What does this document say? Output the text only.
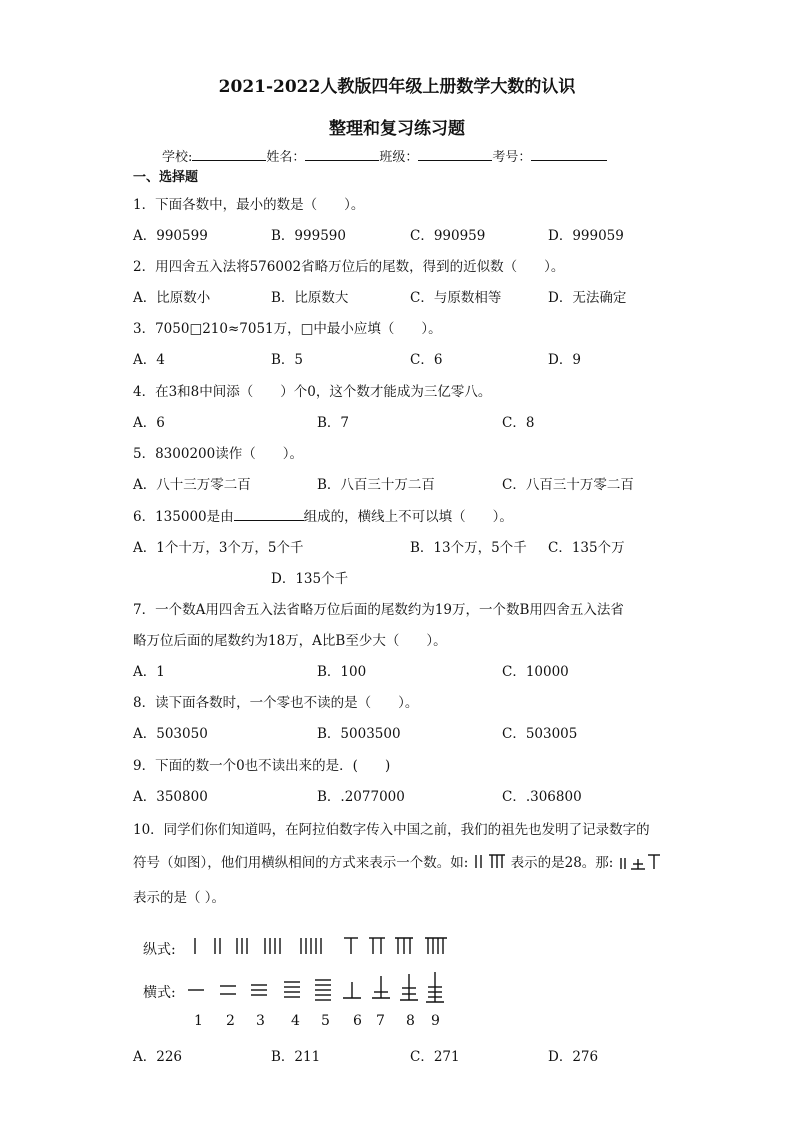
2021-2022人教版四年级上册数学大数的认识
整理和复习练习题
学校:	姓名：	班级：	考号：
一、选择题
1．下面各数中，最小的数是（　　）。
A．990599	B．999590	C．990959	D．999059
2．用四舍五入法将576002省略万位后的尾数，得到的近似数（　　）。
A．比原数小	B．比原数大	C．与原数相等	D．无法确定
3．7050□210≈7051万，□中最小应填（　　）。
A．4	B．5	C．6	D．9
4．在3和8中间添（　　）个0，这个数才能成为三亿零八。
A．6	B．7	C．8
5．8300200读作（　　）。
A．八十三万零二百	B．八百三十万二百	C．八百三十万零二百
6．135000是由	组成的，横线上不可以填（　　）。
A．1个十万，3个万，5个千	B．13个万，5个千 C．135个万
D．135个千
7．一个数A用四舍五入法省略万位后面的尾数约为19万，一个数B用四舍五入法省
略万位后面的尾数约为18万，A比B至少大（　　）。
A．1	B．100	C．10000
8．读下面各数时，一个零也不读的是（　　）。
A．503050	B．5003500	C．503005
9．下面的数一个0也不读出来的是．(　　)
A．350800	B．.2077000	C．.306800
10．同学们你们知道吗，在阿拉伯数字传入中国之前，我们的祖先也发明了记录数字的
符号（如图），他们用横纵相间的方式来表示一个数。如:	表示的是28。那:
表示的是（ ）。
纵式:
横式:
1 2 3 4 5 6 7 8 9
A．226	B．211	C．271	D．276
